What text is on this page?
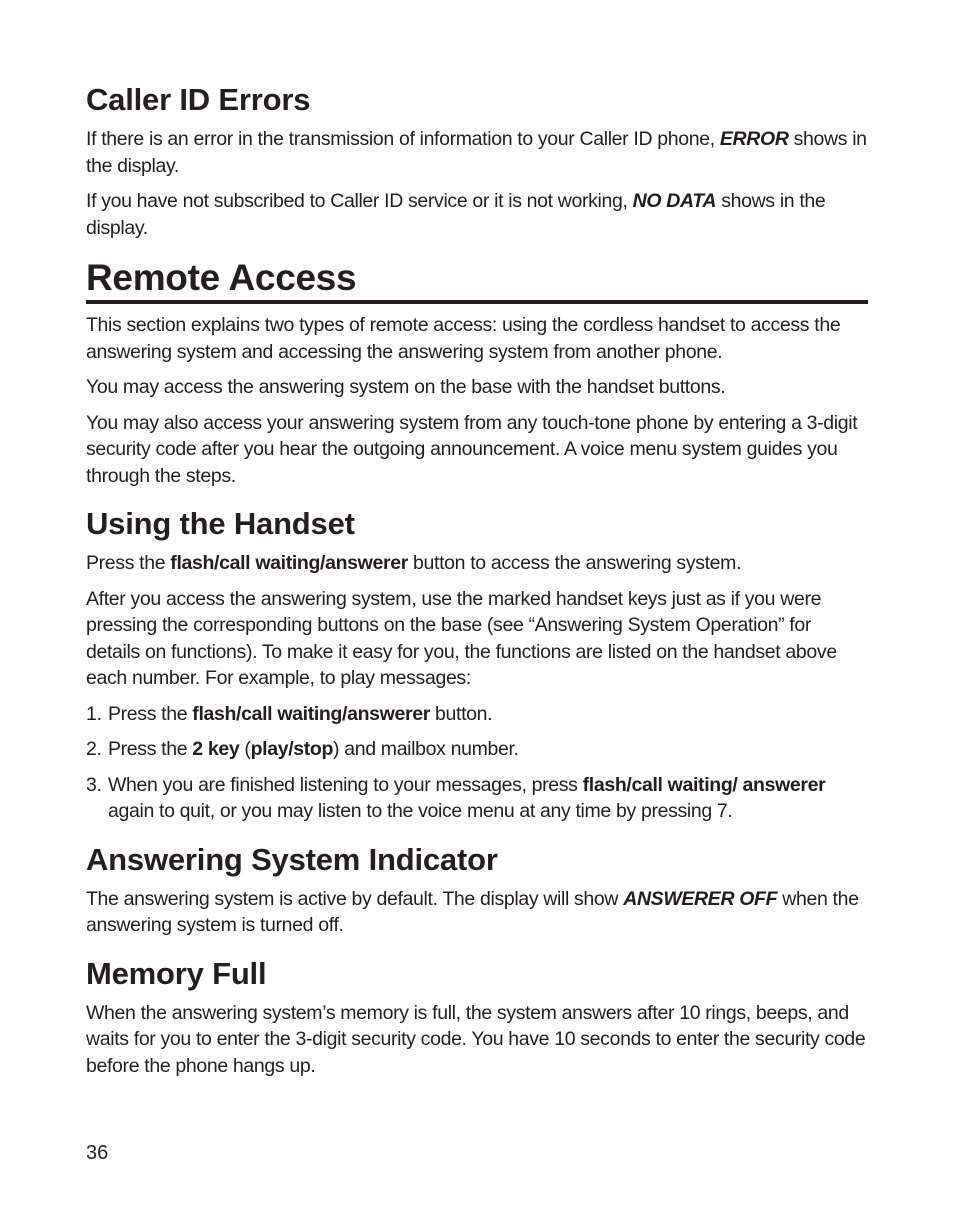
Caller ID Errors

If there is an error in the transmission of information to your Caller ID phone, ERROR shows in the display.

If you have not subscribed to Caller ID service or it is not working, NO DATA shows in the display.

Remote Access

This section explains two types of remote access: using the cordless handset to access the answering system and accessing the answering system from another phone.

You may access the answering system on the base with the handset buttons.

You may also access your answering system from any touch-tone phone by entering a 3-digit security code after you hear the outgoing announcement. A voice menu system guides you through the steps.

Using the Handset

Press the flash/call waiting/answerer button to access the answering system.

After you access the answering system, use the marked handset keys just as if you were pressing the corresponding buttons on the base (see “Answering System Operation” for details on functions). To make it easy for you, the functions are listed on the handset above each number. For example, to play messages:

1. Press the flash/call waiting/answerer button.
2. Press the 2 key (play/stop) and mailbox number.
3. When you are finished listening to your messages, press flash/call waiting/ answerer again to quit, or you may listen to the voice menu at any time by pressing 7.
Answering System Indicator

The answering system is active by default. The display will show ANSWERER OFF when the answering system is turned off.

Memory Full

When the answering system’s memory is full, the system answers after 10 rings, beeps, and waits for you to enter the 3-digit security code. You have 10 seconds to enter the security code before the phone hangs up.

36
